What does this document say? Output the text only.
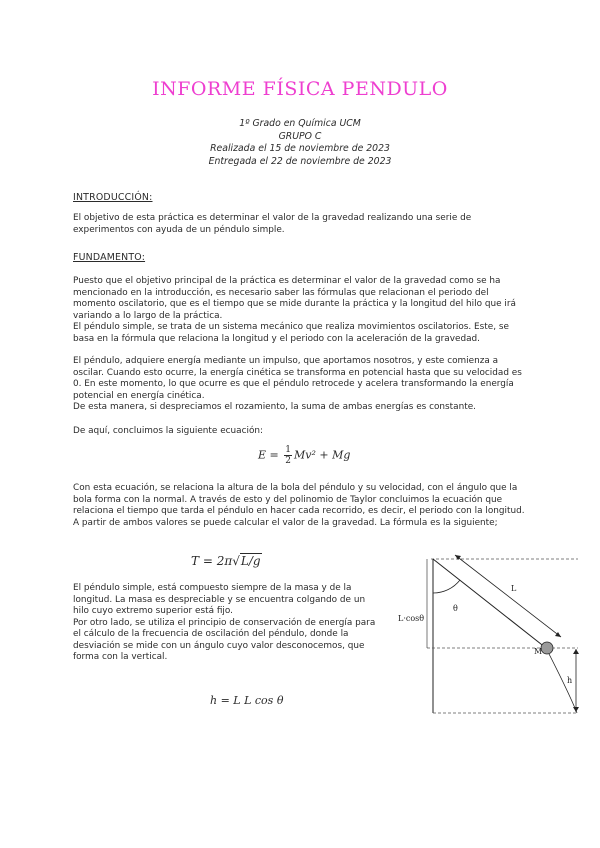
INFORME FÍSICA PENDULO
1º Grado en Química UCM
GRUPO C
Realizada el 15 de noviembre de 2023
Entregada el 22 de noviembre de 2023
INTRODUCCIÓN:
El objetivo de esta práctica es determinar el valor de la gravedad realizando una serie de experimentos con ayuda de un péndulo simple.
FUNDAMENTO:

Puesto que el objetivo principal de la práctica es determinar el valor de la gravedad como se ha mencionado en la introducción, es necesario saber las fórmulas que relacionan el periodo del momento oscilatorio, que es el tiempo que se mide durante la práctica y la longitud del hilo que irá variando a lo largo de la práctica.

El péndulo simple, se trata de un sistema mecánico que realiza movimientos oscilatorios. Este, se basa en la fórmula que relaciona la longitud y el periodo con la aceleración de la gravedad.

El péndulo, adquiere energía mediante un impulso, que aportamos nosotros, y este comienza a oscilar. Cuando esto ocurre, la energía cinética se transforma en potencial hasta que su velocidad es 0. En este momento, lo que ocurre es que el péndulo retrocede y acelera transformando la energía potencial en energía cinética.

De esta manera, si despreciamos el rozamiento, la suma de ambas energías es constante.

De aquí, concluimos la siguiente ecuación:
$E = \frac{1}{2} Mv^2 + Mg$
Con esta ecuación, se relaciona la altura de la bola del péndulo y su velocidad, con el ángulo que la bola forma con la normal. A través de esto y del polinomio de Taylor concluimos la ecuación que relaciona el tiempo que tarda el péndulo en hacer cada recorrido, es decir, el periodo con la longitud. A partir de ambos valores se puede calcular el valor de la gravedad. La fórmula es la siguiente;
T = 2π√L/g

El péndulo simple, está compuesto siempre de la masa y de la longitud. La masa es despreciable y se encuentra colgando de un hilo cuyo extremo superior está fijo.

Por otro lado, se utiliza el principio de conservación de energía para el cálculo de la frecuencia de oscilación del péndulo, donde la desviación se mide con un ángulo cuyo valor desconocemos, que forma con la vertical.

h = L L cos θ
L
θ
L·cosθ
M
h
